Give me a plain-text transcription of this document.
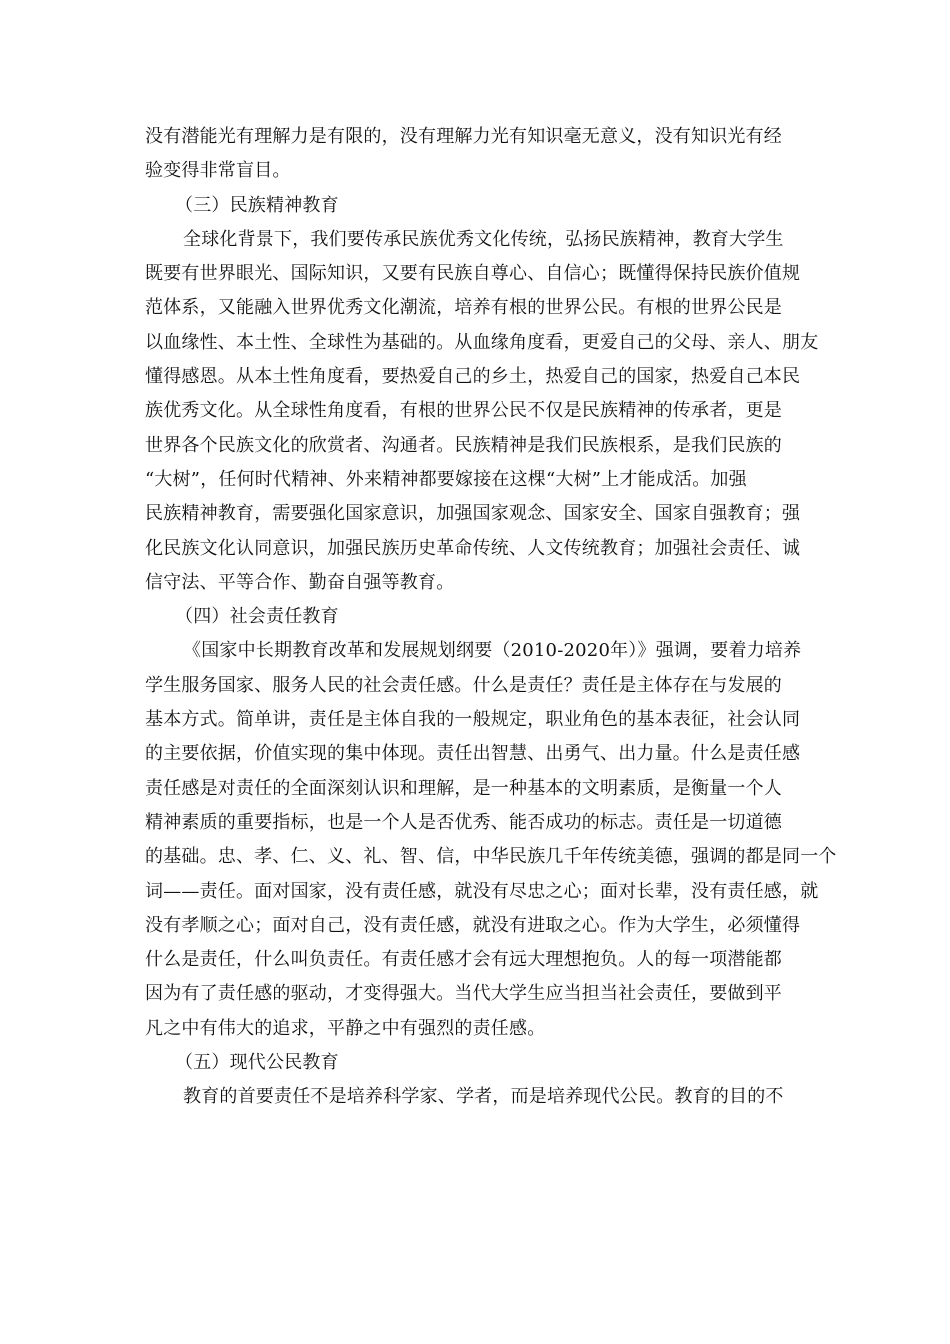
没有潜能光有理解力是有限的，没有理解力光有知识毫无意义，没有知识光有经
验变得非常盲目。
（三）民族精神教育
全球化背景下，我们要传承民族优秀文化传统，弘扬民族精神，教育大学生
既要有世界眼光、国际知识，又要有民族自尊心、自信心；既懂得保持民族价值规
范体系，又能融入世界优秀文化潮流，培养有根的世界公民。有根的世界公民是
以血缘性、本土性、全球性为基础的。从血缘角度看，更爱自己的父母、亲人、朋友
懂得感恩。从本土性角度看，要热爱自己的乡土，热爱自己的国家，热爱自己本民
族优秀文化。从全球性角度看，有根的世界公民不仅是民族精神的传承者，更是
世界各个民族文化的欣赏者、沟通者。民族精神是我们民族根系，是我们民族的
“大树”，任何时代精神、外来精神都要嫁接在这棵“大树”上才能成活。加强
民族精神教育，需要强化国家意识，加强国家观念、国家安全、国家自强教育；强
化民族文化认同意识，加强民族历史革命传统、人文传统教育；加强社会责任、诚
信守法、平等合作、勤奋自强等教育。
（四）社会责任教育
《国家中长期教育改革和发展规划纲要（2010-2020年）》强调，要着力培养
学生服务国家、服务人民的社会责任感。什么是责任？责任是主体存在与发展的
基本方式。简单讲，责任是主体自我的一般规定，职业角色的基本表征，社会认同
的主要依据，价值实现的集中体现。责任出智慧、出勇气、出力量。什么是责任感
责任感是对责任的全面深刻认识和理解，是一种基本的文明素质，是衡量一个人
精神素质的重要指标，也是一个人是否优秀、能否成功的标志。责任是一切道德
的基础。忠、孝、仁、义、礼、智、信，中华民族几千年传统美德，强调的都是同一个
词——责任。面对国家，没有责任感，就没有尽忠之心；面对长辈，没有责任感，就
没有孝顺之心；面对自己，没有责任感，就没有进取之心。作为大学生，必须懂得
什么是责任，什么叫负责任。有责任感才会有远大理想抱负。人的每一项潜能都
因为有了责任感的驱动，才变得强大。当代大学生应当担当社会责任，要做到平
凡之中有伟大的追求，平静之中有强烈的责任感。
（五）现代公民教育
教育的首要责任不是培养科学家、学者，而是培养现代公民。教育的目的不
